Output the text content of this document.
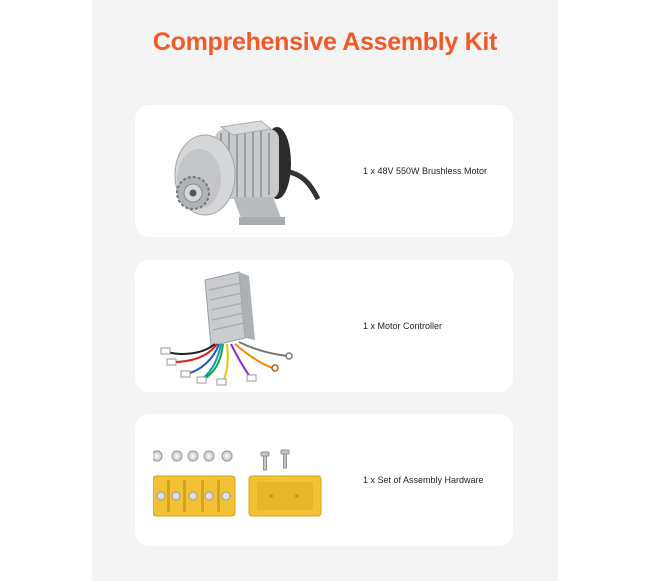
Comprehensive Assembly Kit
1 x 48V 550W Brushless Motor
1 x Motor Controller
1 x Set of Assembly Hardware
